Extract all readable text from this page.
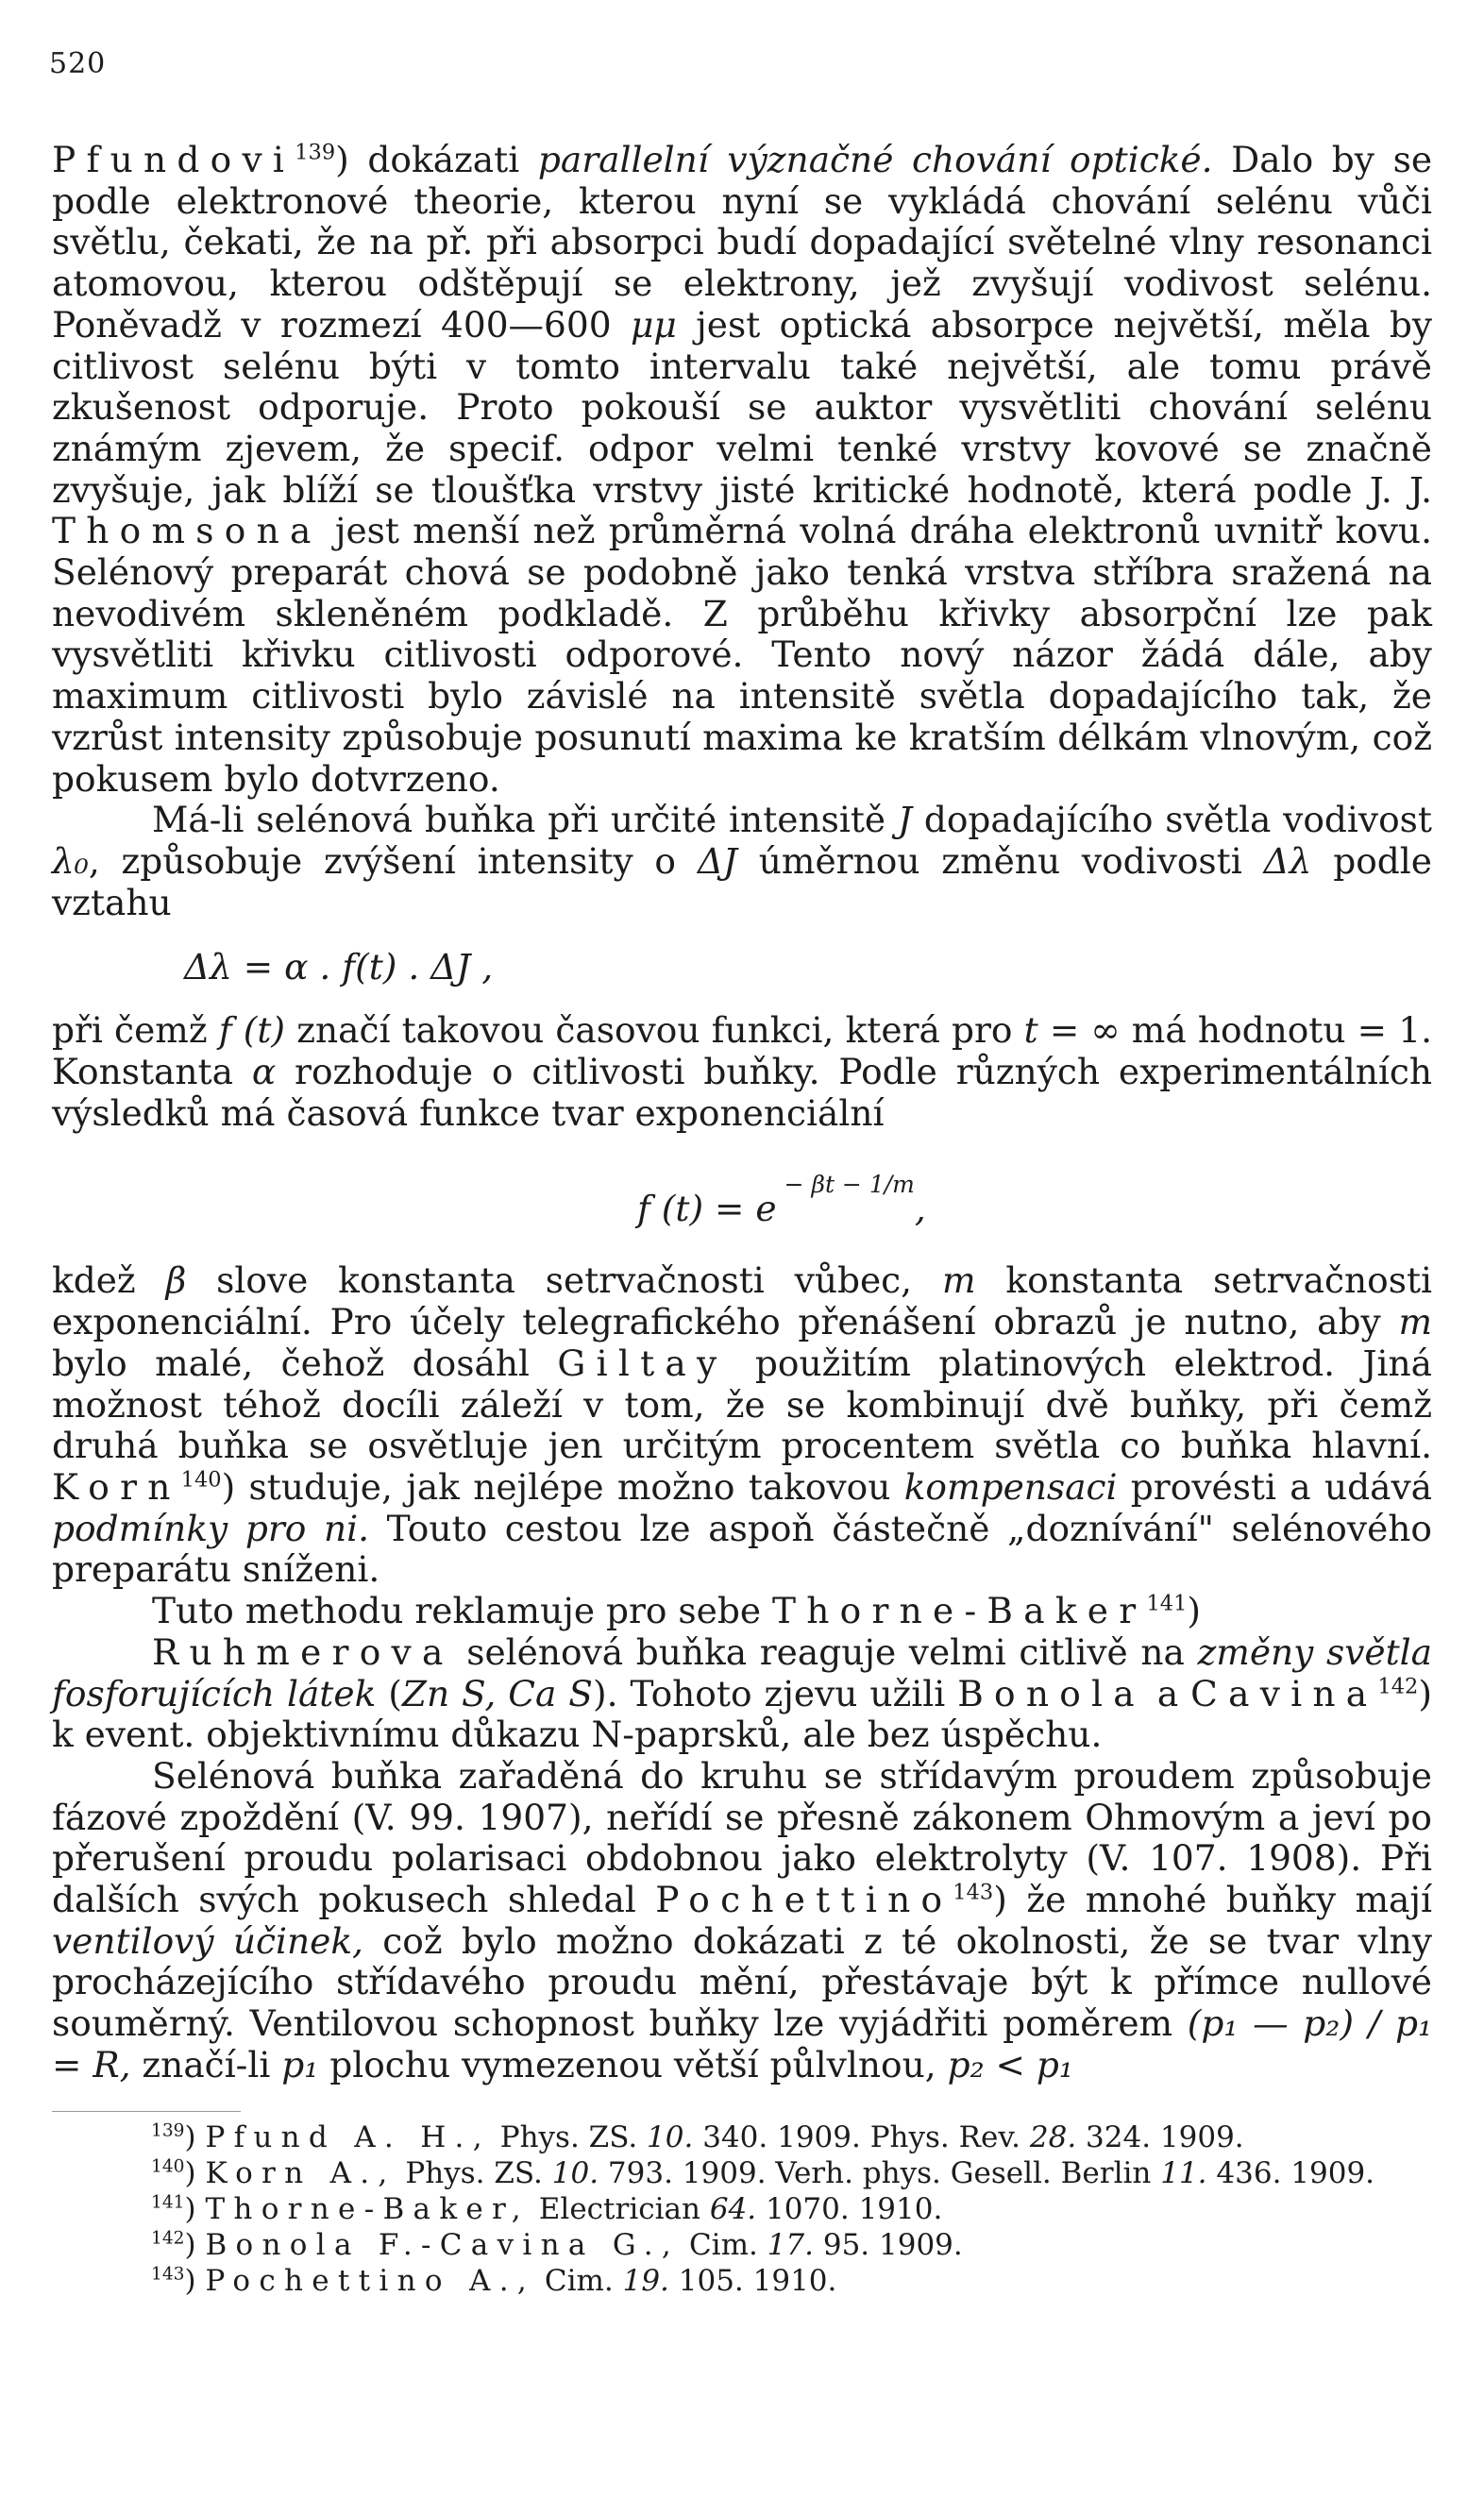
520

Pfundovi$^{139}$) dokázati parallelní význačné chování optické. Dalo by se podle elektronové theorie, kterou nyní se vykládá chování selénu vůči světlu, čekati, že na př. při absorpci budí dopadající světelné vlny resonanci atomovou, kterou odštěpují se elektrony, jež zvyšují vodivost selénu. Poněvadž v rozmezí 400—600 μμ jest optická absorpce největší, měla by citlivost selénu býti v tomto intervalu také největší, ale tomu právě zkušenost odporuje. Proto pokouší se auktor vysvětliti chování selénu známým zjevem, že specif. odpor velmi tenké vrstvy kovové se značně zvyšuje, jak blíží se tloušťka vrstvy jisté kritické hodnotě, která podle J. J. Thomsona jest menší než průměrná volná dráha elektronů uvnitř kovu. Selénový preparát chová se podobně jako tenká vrstva stříbra sražená na nevodivém skleněném podkladě. Z průběhu křivky absorpční lze pak vysvětliti křivku citlivosti odporové. Tento nový názor žádá dále, aby maximum citlivosti bylo závislé na intensitě světla dopadajícího tak, že vzrůst intensity způsobuje posunutí maxima ke kratším délkám vlnovým, což pokusem bylo dotvrzeno.

Má-li selénová buňka při určité intensitě J dopadajícího světla vodivost λ₀, způsobuje zvýšení intensity o ΔJ úměrnou změnu vodivosti Δλ podle vztahu

Δλ = α . f(t) . ΔJ ,

při čemž f (t) značí takovou časovou funkci, která pro t = ∞ má hodnotu = 1. Konstanta α rozhoduje o citlivosti buňky. Podle různých experimentálních výsledků má časová funkce tvar exponenciální

f $(t) = e^{- \beta t - 1/m}$,

kdež β slove konstanta setrvačnosti vůbec, m konstanta setrvačnosti exponenciální. Pro účely telegrafického přenášení obrazů je nutno, aby m bylo malé, čehož dosáhl Giltay použitím platinových elektrod. Jiná možnost téhož docíli záleží v tom, že se kombinují dvě buňky, při čemž druhá buňka se osvětluje jen určitým procentem světla co buňka hlavní. Korn$^{140}$) studuje, jak nejlépe možno takovou kompensaci provésti a udává podmínky pro ni. Touto cestou lze aspoň částečně „doznívání" selénového preparátu sníženi.

Tuto methodu reklamuje pro sebe Thorne-Baker$^{141}$)

Ruhmerova selénová buňka reaguje velmi citlivě na změny světla fosforujících látek (Zn S, Ca S). Tohoto zjevu užili Bonola a Cavina$^{142}$) k event. objektivnímu důkazu N-paprsků, ale bez úspěchu.

Selénová buňka zařaděná do kruhu se střídavým proudem způsobuje fázové zpoždění (V. 99. 1907), neřídí se přesně zákonem Ohmovým a jeví po přerušení proudu polarisaci obdobnou jako elektrolyty (V. 107. 1908). Při dalších svých pokusech shledal Pochettino$^{143}$) že mnohé buňky mají ventilový účinek, což bylo možno dokázati z té okolnosti, že se tvar vlny procházejícího střídavého proudu mění, přestávaje být k přímce nullové souměrný. Ventilovou schopnost buňky lze vyjádřiti poměrem (p₁ — p₂) / p₁ = R, značí-li p₁ plochu vymezenou větší půlvlnou, p₂ < p₁

$^{139}$) Pfund A. H., Phys. ZS. 10. 340. 1909. Phys. Rev. 28. 324. 1909.

$^{140}$) Korn A., Phys. ZS. 10. 793. 1909. Verh. phys. Gesell. Berlin 11. 436. 1909.

$^{141}$) Thorne-Baker, Electrician 64. 1070. 1910.

$^{142}$) Bonola F.-Cavina G., Cim. 17. 95. 1909.

$^{143}$) Pochettino A., Cim. 19. 105. 1910.
